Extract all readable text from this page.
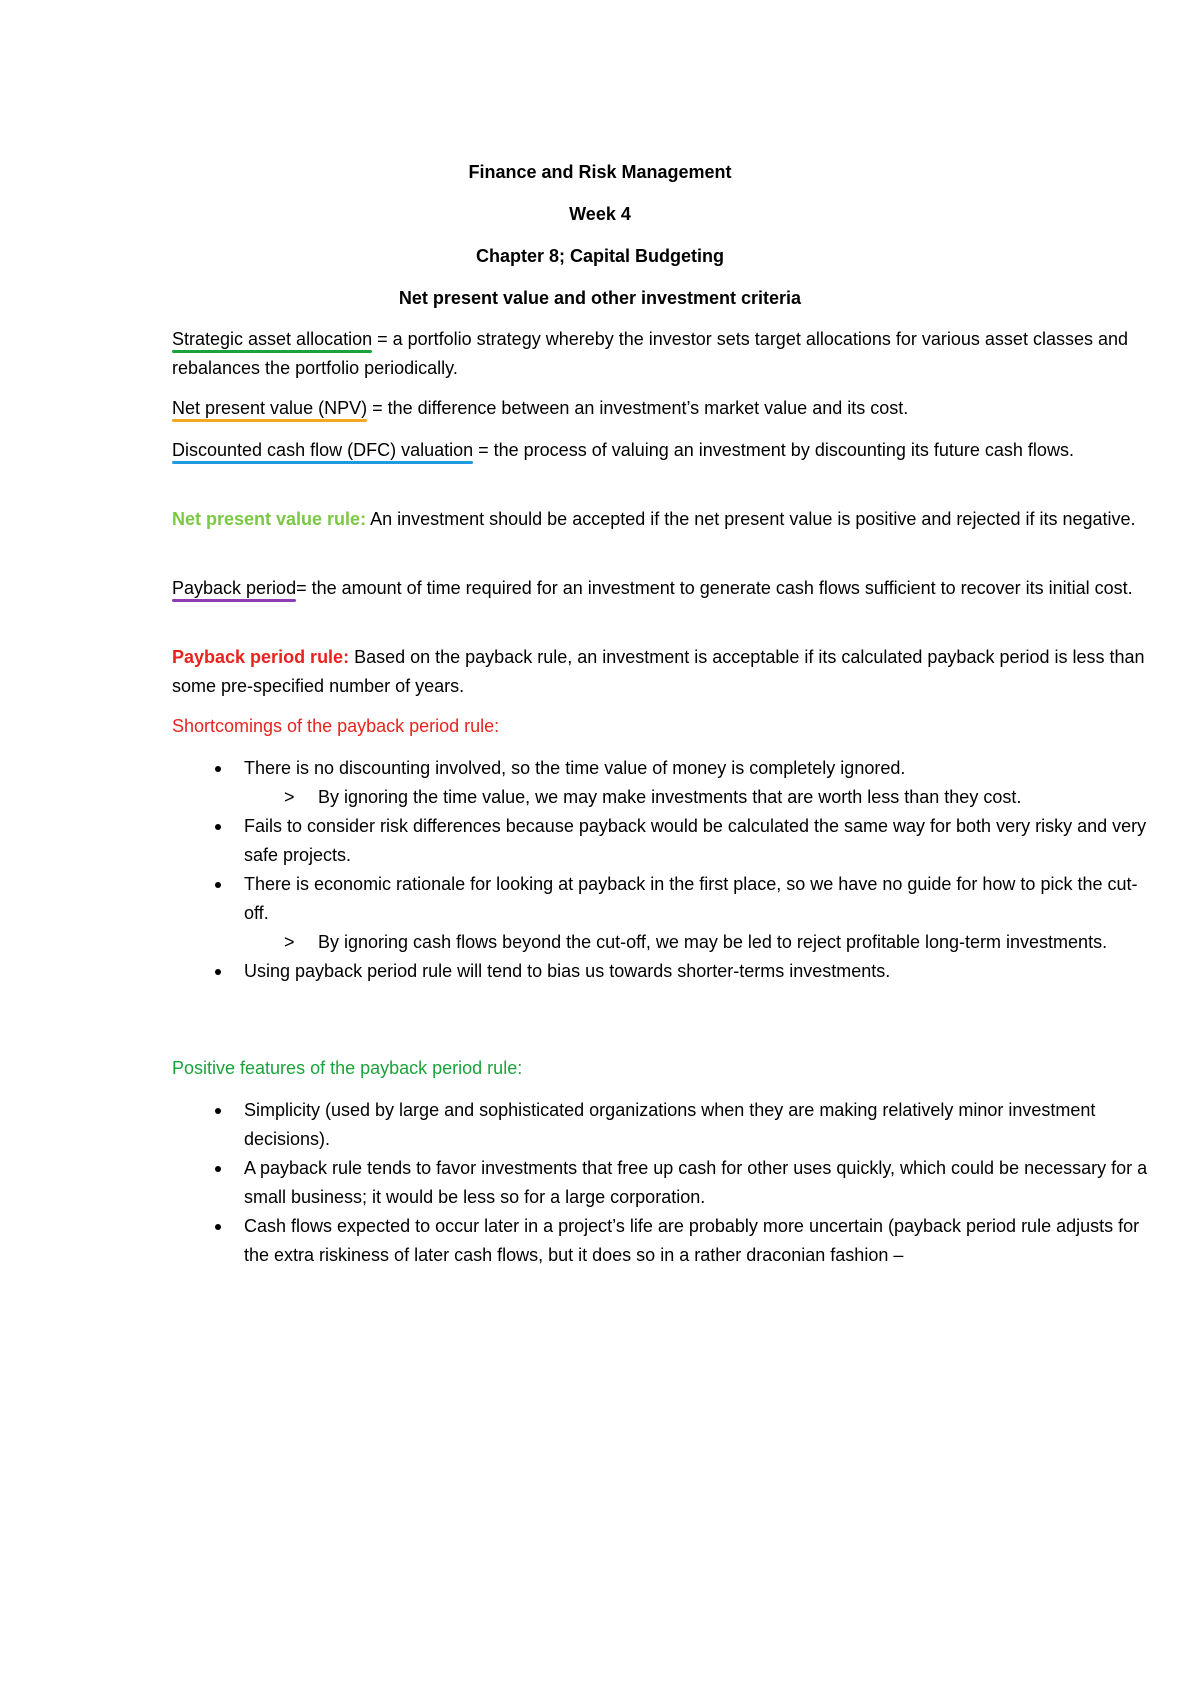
Finance and Risk Management
Week 4
Chapter 8; Capital Budgeting
Net present value and other investment criteria
Strategic asset allocation
= a portfolio strategy whereby the investor sets target allocations for various asset classes and rebalances the portfolio periodically.
Net present value (NPV)
= the difference between an investment’s market value and its cost.
Discounted cash flow (DFC) valuation
= the process of valuing an investment by discounting its future cash flows.
Net present value rule: An investment should be accepted if the net present value is positive and rejected if its negative.
Payback period
= the amount of time required for an investment to generate cash flows sufficient to recover its initial cost.
Payback period rule: Based on the payback rule, an investment is acceptable if its calculated payback period is less than some pre-specified number of years.
Shortcomings of the payback period rule:
There is no discounting involved, so the time value of money is completely ignored.
> By ignoring the time value, we may make investments that are worth less than they cost.
Fails to consider risk differences because payback would be calculated the same way for both very risky and very safe projects.
There is economic rationale for looking at payback in the first place, so we have no guide for how to pick the cut-off.
> By ignoring cash flows beyond the cut-off, we may be led to reject profitable long-term investments.
Using payback period rule will tend to bias us towards shorter-terms investments.
Positive features of the payback period rule:
Simplicity (used by large and sophisticated organizations when they are making relatively minor investment decisions).
A payback rule tends to favor investments that free up cash for other uses quickly, which could be necessary for a small business; it would be less so for a large corporation.
Cash flows expected to occur later in a project’s life are probably more uncertain (payback period rule adjusts for the extra riskiness of later cash flows, but it does so in a rather draconian fashion –
